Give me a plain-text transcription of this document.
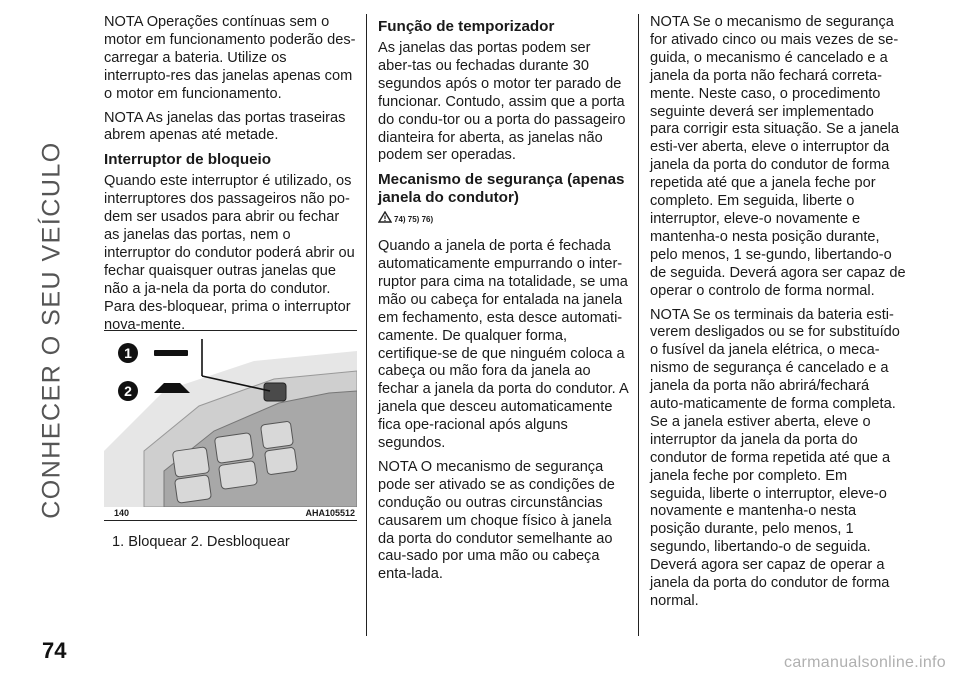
CONHECER O SEU VEÍCULO
74

NOTA Operações contínuas sem o motor em funcionamento poderão des-carregar a bateria. Utilize os interrupto-res das janelas apenas com o motor em funcionamento.

NOTA As janelas das portas traseiras abrem apenas até metade.

Interruptor de bloqueio

Quando este interruptor é utilizado, os interruptores dos passageiros não po-dem ser usados para abrir ou fechar as janelas das portas, nem o interruptor do condutor poderá abrir ou fechar quaisquer outras janelas que não a ja-nela da porta do condutor. Para des-bloquear, prima o interruptor nova-mente.

1
2
140	AHA105512
1. Bloquear 2. Desbloquear
Função de temporizador

As janelas das portas podem ser aber-tas ou fechadas durante 30 segundos após o motor ter parado de funcionar. Contudo, assim que a porta do condu-tor ou a porta do passageiro dianteira for aberta, as janelas não podem ser operadas.

Mecanismo de segurança (apenas janela do condutor)

74) 75) 76)

Quando a janela de porta é fechada automaticamente empurrando o inter-ruptor para cima na totalidade, se uma mão ou cabeça for entalada na janela em fechamento, esta desce automati-camente. De qualquer forma, certifique-se de que ninguém coloca a cabeça ou mão fora da janela ao fechar a janela da porta do condutor. A janela que desceu automaticamente fica ope-racional após alguns segundos.

NOTA O mecanismo de segurança pode ser ativado se as condições de condução ou outras circunstâncias causarem um choque físico à janela da porta do condutor semelhante ao cau-sado por uma mão ou cabeça enta-lada.

NOTA Se o mecanismo de segurança for ativado cinco ou mais vezes de se-guida, o mecanismo é cancelado e a janela da porta não fechará correta-mente. Neste caso, o procedimento seguinte deverá ser implementado para corrigir esta situação. Se a janela esti-ver aberta, eleve o interruptor da janela da porta do condutor de forma repetida até que a janela feche por completo. Em seguida, liberte o interruptor, eleve-o novamente e mantenha-o nesta posição durante, pelo menos, 1 se-gundo, libertando-o de seguida. Deverá agora ser capaz de operar o controlo de forma normal.

NOTA Se os terminais da bateria esti-verem desligados ou se for substituído o fusível da janela elétrica, o meca-nismo de segurança é cancelado e a janela da porta não abrirá/fechará auto-maticamente de forma completa. Se a janela estiver aberta, eleve o interruptor da janela da porta do condutor de forma repetida até que a janela feche por completo. Em seguida, liberte o interruptor, eleve-o novamente e mantenha-o nesta posição durante, pelo menos, 1 segundo, libertando-o de seguida. Deverá agora ser capaz de operar a janela da porta do condutor de forma normal.

carmanualsonline.info
